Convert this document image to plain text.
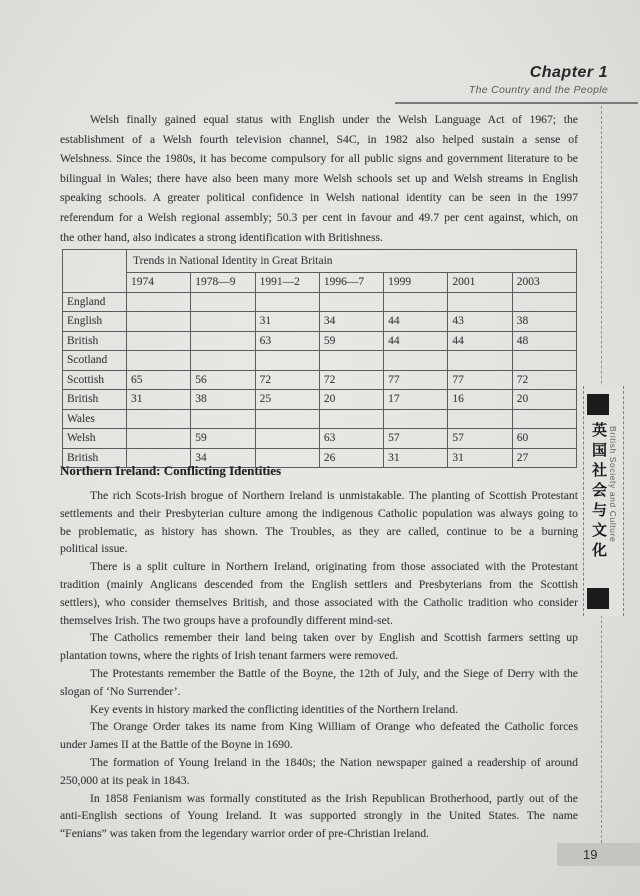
Chapter 1
The Country and the People
Welsh finally gained equal status with English under the Welsh Language Act of 1967; the
establishment of a Welsh fourth television channel, S4C, in 1982 also helped sustain a sense of
Welshness. Since the 1980s, it has become compulsory for all public signs and government literature to be
bilingual in Wales; there have also been many more Welsh schools set up and Welsh streams in English
speaking schools. A greater political confidence in Welsh national identity can be seen in the 1997
referendum for a Welsh regional assembly; 50.3 per cent in favour and 49.7 per cent against, which, on
the other hand, also indicates a strong identification with Britishness.
	Trends in National Identity in Great Britain						
	1974	1978—9	1991—2	1996—7	1999	2001	2003
England							
English			31	34	44	43	38
British			63	59	44	44	48
Scotland							
Scottish	65	56	72	72	77	77	72
British	31	38	25	20	17	16	20
Wales							
Welsh		59		63	57	57	60
British		34		26	31	31	27
Northern Ireland: Conflicting Identities
The rich Scots-Irish brogue of Northern Ireland is unmistakable. The planting of Scottish Protestant
settlements and their Presbyterian culture among the indigenous Catholic population was always going to
be problematic, as history has shown. The Troubles, as they are called, continue to be a burning
political issue.
There is a split culture in Northern Ireland, originating from those associated with the Protestant
tradition (mainly Anglicans descended from the English settlers and Presbyterians from the Scottish
settlers), who consider themselves British, and those associated with the Catholic tradition who consider
themselves Irish. The two groups have a profoundly different mind-set.
The Catholics remember their land being taken over by English and Scottish farmers setting up
plantation towns, where the rights of Irish tenant farmers were removed.
The Protestants remember the Battle of the Boyne, the 12th of July, and the Siege of Derry with the
slogan of ‘No Surrender’.
Key events in history marked the conflicting identities of the Northern Ireland.
The Orange Order takes its name from King William of Orange who defeated the Catholic forces
under James II at the Battle of the Boyne in 1690.
The formation of Young Ireland in the 1840s; the Nation newspaper gained a readership of around
250,000 at its peak in 1843.
In 1858 Fenianism was formally constituted as the Irish Republican Brotherhood, partly out of the
anti-English sections of Young Ireland. It was supported strongly in the United States. The name
“Fenians” was taken from the legendary warrior order of pre-Christian Ireland.
英国社会与文化 British Society and Culture
19
